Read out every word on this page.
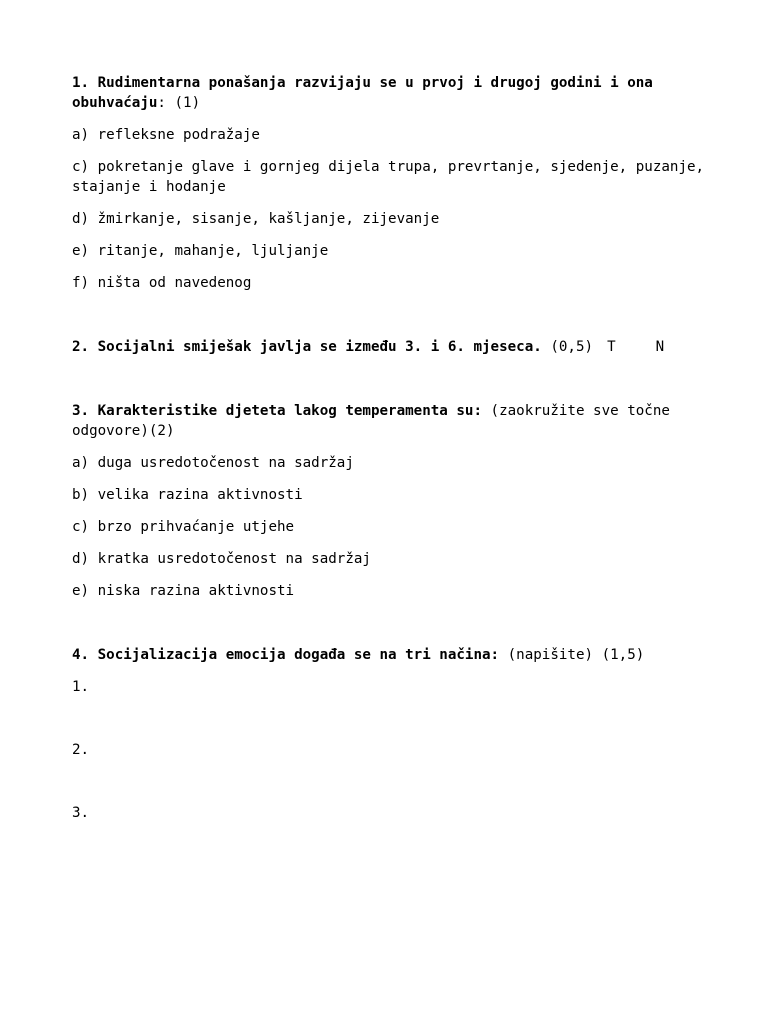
1. Rudimentarna ponašanja razvijaju se u prvoj i drugoj godini i ona obuhvaćaju: (1)
a) refleksne podražaje
c) pokretanje glave i gornjeg dijela trupa, prevrtanje, sjedenje, puzanje, stajanje i hodanje
d) žmirkanje, sisanje, kašljanje, zijevanje
e) ritanje, mahanje, ljuljanje
f) ništa od navedenog
2. Socijalni smiješak javlja se između 3. i 6. mjeseca. (0,5) T	N
3. Karakteristike djeteta lakog temperamenta su: (zaokružite sve točne odgovore)(2)
a) duga usredotočenost na sadržaj
b) velika razina aktivnosti
c) brzo prihvaćanje utjehe
d) kratka usredotočenost na sadržaj
e) niska razina aktivnosti
4. Socijalizacija emocija događa se na tri načina: (napišite) (1,5)
1.
2.
3.
